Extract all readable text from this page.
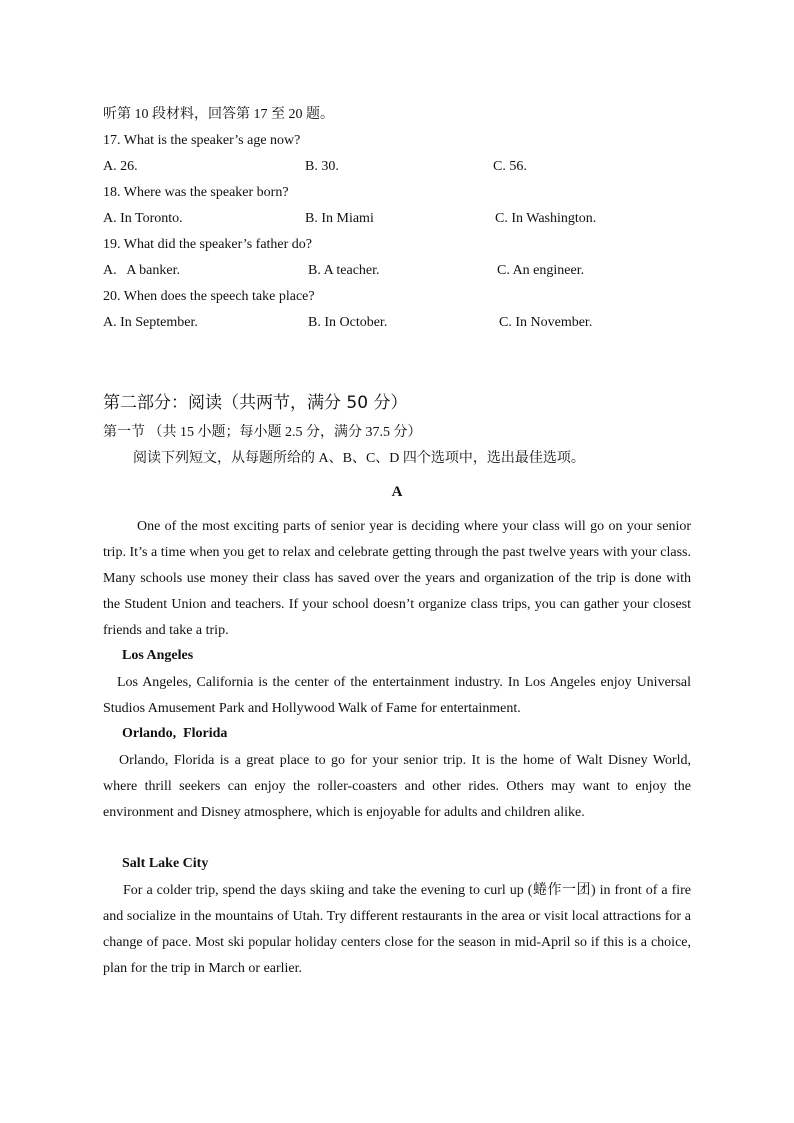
听第 10 段材料，回答第 17 至 20 题。
17. What is the speaker’s age now?
A. 26.	B. 30.	C. 56.
18. Where was the speaker born?
A. In Toronto.	B. In Miami	C. In Washington.
19. What did the speaker’s father do?
A.   A banker.	B. A teacher.	C. An engineer.
20. When does the speech take place?
A. In September.	B. In October.	C. In November.
第二部分：阅读（共两节，满分 50 分）
第一节 （共 15 小题；每小题 2.5 分，满分 37.5 分）
阅读下列短文，从每题所给的 A、B、C、D 四个选项中，选出最佳选项。
A
One of the most exciting parts of senior year is deciding where your class will go on your senior trip. It’s a time when you get to relax and celebrate getting through the past twelve years with your class. Many schools use money their class has saved over the years and organization of the trip is done with the Student Union and teachers. If your school doesn’t organize class trips, you can gather your closest friends and take a trip.
Los Angeles
Los Angeles, California is the center of the entertainment industry. In Los Angeles enjoy Universal Studios Amusement Park and Hollywood Walk of Fame for entertainment.
Orlando,  Florida
Orlando, Florida is a great place to go for your senior trip. It is the home of Walt Disney World, where thrill seekers can enjoy the roller-coasters and other rides. Others may want to enjoy the environment and Disney atmosphere, which is enjoyable for adults and children alike.
Salt Lake City
For a colder trip, spend the days skiing and take the evening to curl up (蜷作一团) in front of a fire and socialize in the mountains of Utah. Try different restaurants in the area or visit local attractions for a change of pace. Most ski popular holiday centers close for the season in mid-April so if this is a choice, plan for the trip in March or earlier.
